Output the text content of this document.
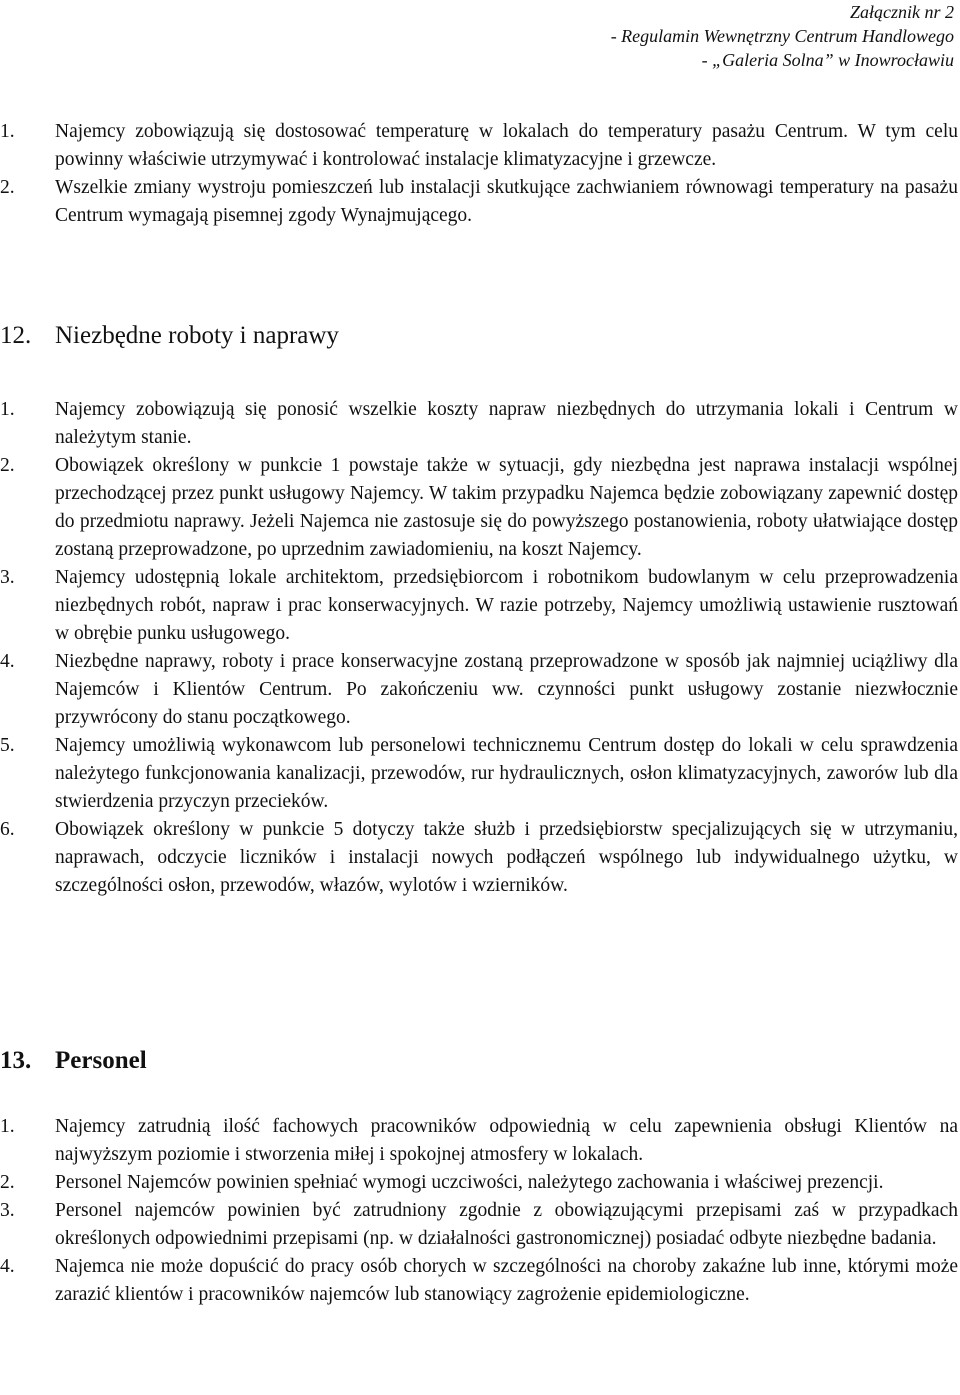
Załącznik nr 2
- Regulamin Wewnętrzny Centrum Handlowego
- „Galeria Solna” w Inowrocławiu
1. Najemcy zobowiązują się dostosować temperaturę w lokalach do temperatury pasażu Centrum. W tym celu powinny właściwie utrzymywać i kontrolować instalacje klimatyzacyjne i grzewcze.
2. Wszelkie zmiany wystroju pomieszczeń lub instalacji skutkujące zachwianiem równowagi temperatury na pasażu Centrum wymagają pisemnej zgody Wynajmującego.
12. Niezbędne roboty i naprawy
1. Najemcy zobowiązują się ponosić wszelkie koszty napraw niezbędnych do utrzymania lokali i Centrum w należytym stanie.
2. Obowiązek określony w punkcie 1 powstaje także w sytuacji, gdy niezbędna jest naprawa instalacji wspólnej przechodzącej przez punkt usługowy Najemcy. W takim przypadku Najemca będzie zobowiązany zapewnić dostęp do przedmiotu naprawy. Jeżeli Najemca nie zastosuje się do powyższego postanowienia, roboty ułatwiające dostęp zostaną przeprowadzone, po uprzednim zawiadomieniu, na koszt Najemcy.
3. Najemcy udostępnią lokale architektom, przedsiębiorcom i robotnikom budowlanym w celu przeprowadzenia niezbędnych robót, napraw i prac konserwacyjnych. W razie potrzeby, Najemcy umożliwią ustawienie rusztowań w obrębie punku usługowego.
4. Niezbędne naprawy, roboty i prace konserwacyjne zostaną przeprowadzone w sposób jak najmniej uciążliwy dla Najemców i Klientów Centrum. Po zakończeniu ww. czynności punkt usługowy zostanie niezwłocznie przywrócony do stanu początkowego.
5. Najemcy umożliwią wykonawcom lub personelowi technicznemu Centrum dostęp do lokali w celu sprawdzenia należytego funkcjonowania kanalizacji, przewodów, rur hydraulicznych, osłon klimatyzacyjnych, zaworów lub dla stwierdzenia przyczyn przecieków.
6. Obowiązek określony w punkcie 5 dotyczy także służb i przedsiębiorstw specjalizujących się w utrzymaniu, naprawach, odczycie liczników i instalacji nowych podłączeń wspólnego lub indywidualnego użytku, w szczególności osłon, przewodów, włazów, wylotów i wzierników.
13. Personel
1. Najemcy zatrudnią ilość fachowych pracowników odpowiednią w celu zapewnienia obsługi Klientów na najwyższym poziomie i stworzenia miłej i spokojnej atmosfery w lokalach.
2. Personel Najemców powinien spełniać wymogi uczciwości, należytego zachowania i właściwej prezencji.
3. Personel najemców powinien być zatrudniony zgodnie z obowiązującymi przepisami zaś w przypadkach określonych odpowiednimi przepisami (np. w działalności gastronomicznej) posiadać odbyte niezbędne badania.
4. Najemca nie może dopuścić do pracy osób chorych w szczególności na choroby zakaźne lub inne, którymi może zarazić klientów i pracowników najemców lub stanowiący zagrożenie epidemiologiczne.
